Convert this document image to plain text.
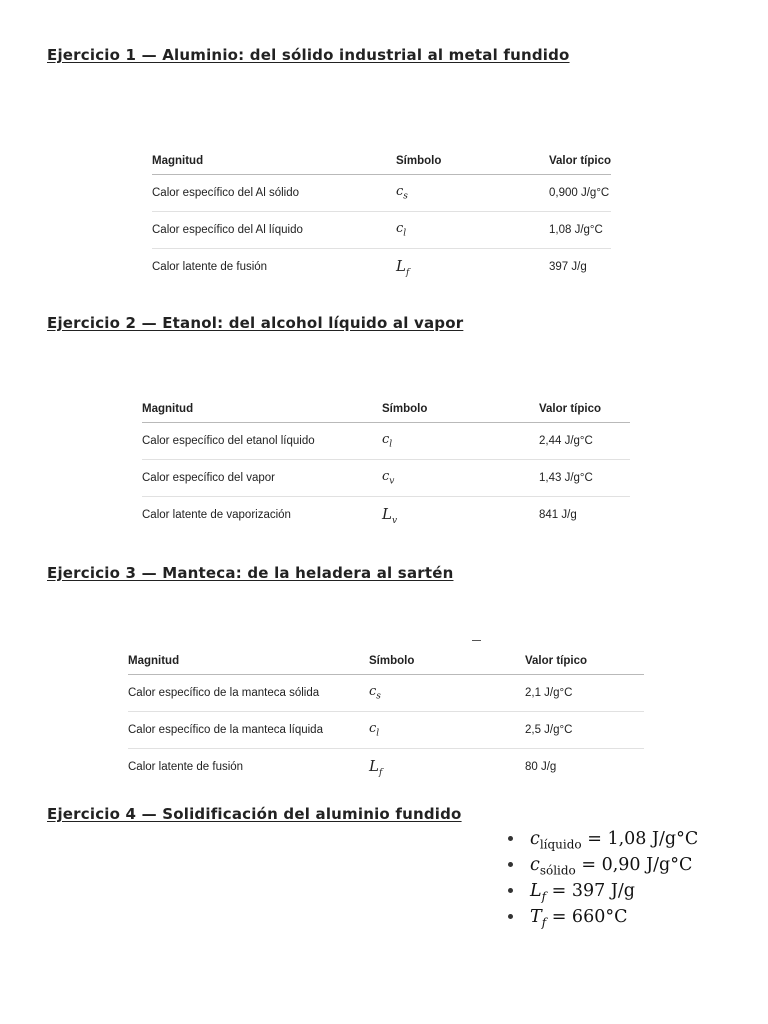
Ejercicio 1 — Aluminio: del sólido industrial al metal fundido
Magnitud	Símbolo	Valor típico
Calor específico del Al sólido	$c_s$	0,900 J/g°C
Calor específico del Al líquido	$c_l$	1,08 J/g°C
Calor latente de fusión	$L_f$	397 J/g
Ejercicio 2 — Etanol: del alcohol líquido al vapor
Magnitud	Símbolo	Valor típico
Calor específico del etanol líquido	$c_l$	2,44 J/g°C
Calor específico del vapor	$c_v$	1,43 J/g°C
Calor latente de vaporización	$L_v$	841 J/g
Ejercicio 3 — Manteca: de la heladera al sartén
Magnitud	Símbolo	Valor típico
Calor específico de la manteca sólida	$c_s$	2,1 J/g°C
Calor específico de la manteca líquida	$c_l$	2,5 J/g°C
Calor latente de fusión	$L_f$	80 J/g
Ejercicio 4 — Solidificación del aluminio fundido
$c_{líquido} = 1,08$ J/g°C
$c_{sólido} = 0,90$ J/g°C
$L_f = 397$ J/g
$T_f = 660^\circ C$
